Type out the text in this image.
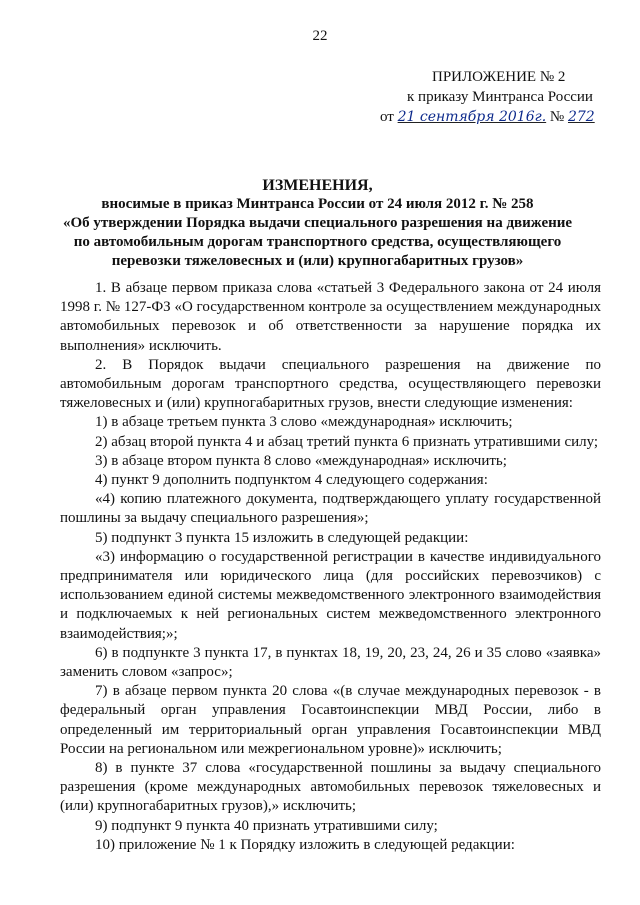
22
ПРИЛОЖЕНИЕ № 2
к приказу Минтранса России
от 21 сентября 2016г. № 272
ИЗМЕНЕНИЯ,
вносимые в приказ Минтранса России от 24 июля 2012 г. № 258
«Об утверждении Порядка выдачи специального разрешения на движение по автомобильным дорогам транспортного средства, осуществляющего перевозки тяжеловесных и (или) крупногабаритных грузов»

1. В абзаце первом приказа слова «статьей 3 Федерального закона от 24 июля 1998 г. № 127-ФЗ «О государственном контроле за осуществлением международных автомобильных перевозок и об ответственности за нарушение порядка их выполнения» исключить.

2. В Порядок выдачи специального разрешения на движение по автомобильным дорогам транспортного средства, осуществляющего перевозки тяжеловесных и (или) крупногабаритных грузов, внести следующие изменения:

1) в абзаце третьем пункта 3 слово «международная» исключить;

2) абзац второй пункта 4 и абзац третий пункта 6 признать утратившими силу;

3) в абзаце втором пункта 8 слово «международная» исключить;

4) пункт 9 дополнить подпунктом 4 следующего содержания:

«4) копию платежного документа, подтверждающего уплату государственной пошлины за выдачу специального разрешения»;

5) подпункт 3 пункта 15 изложить в следующей редакции:

«3) информацию о государственной регистрации в качестве индивидуального предпринимателя или юридического лица (для российских перевозчиков) с использованием единой системы межведомственного электронного взаимодействия и подключаемых к ней региональных систем межведомственного электронного взаимодействия;»;

6) в подпункте 3 пункта 17, в пунктах 18, 19, 20, 23, 24, 26 и 35 слово «заявка» заменить словом «запрос»;

7) в абзаце первом пункта 20 слова «(в случае международных перевозок - в федеральный орган управления Госавтоинспекции МВД России, либо в определенный им территориальный орган управления Госавтоинспекции МВД России на региональном или межрегиональном уровне)» исключить;

8) в пункте 37 слова «государственной пошлины за выдачу специального разрешения (кроме международных автомобильных перевозок тяжеловесных и (или) крупногабаритных грузов),» исключить;

9) подпункт 9 пункта 40 признать утратившими силу;

10) приложение № 1 к Порядку изложить в следующей редакции:
